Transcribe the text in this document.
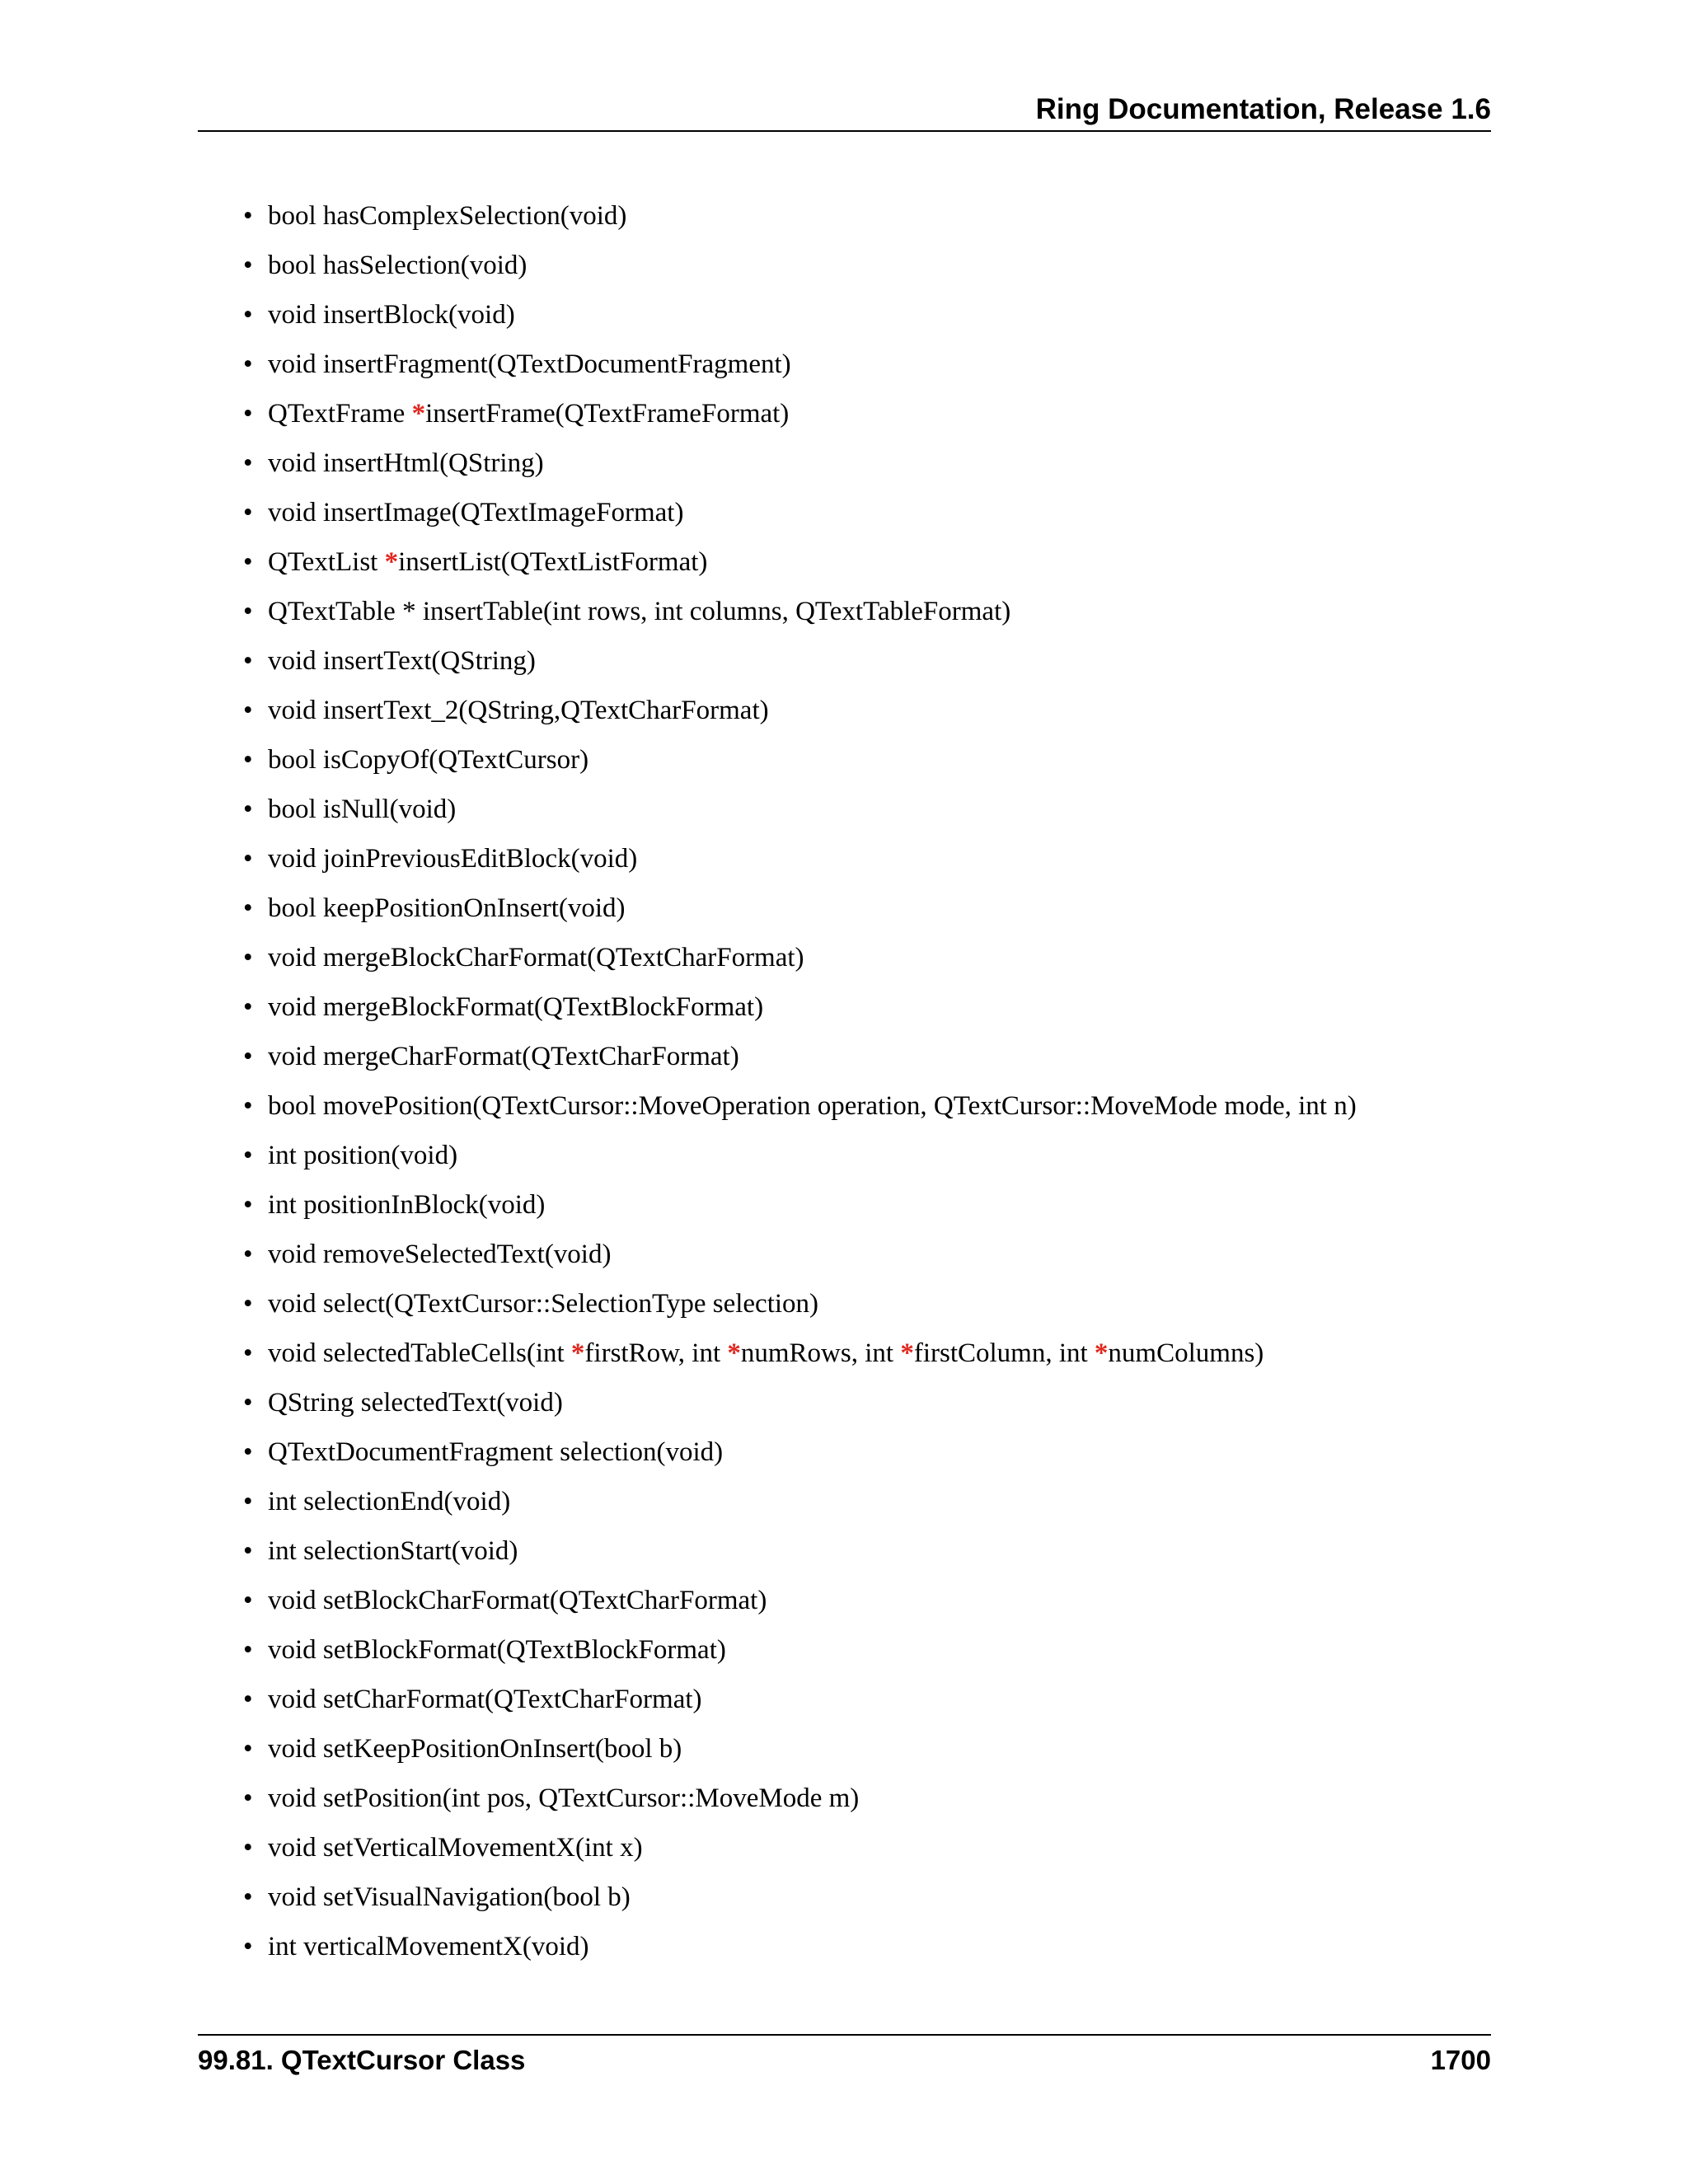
Ring Documentation, Release 1.6
• bool hasComplexSelection(void)
• bool hasSelection(void)
• void insertBlock(void)
• void insertFragment(QTextDocumentFragment)
• QTextFrame *insertFrame(QTextFrameFormat)
• void insertHtml(QString)
• void insertImage(QTextImageFormat)
• QTextList *insertList(QTextListFormat)
• QTextTable * insertTable(int rows, int columns, QTextTableFormat)
• void insertText(QString)
• void insertText_2(QString,QTextCharFormat)
• bool isCopyOf(QTextCursor)
• bool isNull(void)
• void joinPreviousEditBlock(void)
• bool keepPositionOnInsert(void)
• void mergeBlockCharFormat(QTextCharFormat)
• void mergeBlockFormat(QTextBlockFormat)
• void mergeCharFormat(QTextCharFormat)
• bool movePosition(QTextCursor::MoveOperation operation, QTextCursor::MoveMode mode, int n)
• int position(void)
• int positionInBlock(void)
• void removeSelectedText(void)
• void select(QTextCursor::SelectionType selection)
• void selectedTableCells(int *firstRow, int *numRows, int *firstColumn, int *numColumns)
• QString selectedText(void)
• QTextDocumentFragment selection(void)
• int selectionEnd(void)
• int selectionStart(void)
• void setBlockCharFormat(QTextCharFormat)
• void setBlockFormat(QTextBlockFormat)
• void setCharFormat(QTextCharFormat)
• void setKeepPositionOnInsert(bool b)
• void setPosition(int pos, QTextCursor::MoveMode m)
• void setVerticalMovementX(int x)
• void setVisualNavigation(bool b)
• int verticalMovementX(void)
99.81. QTextCursor Class	1700
